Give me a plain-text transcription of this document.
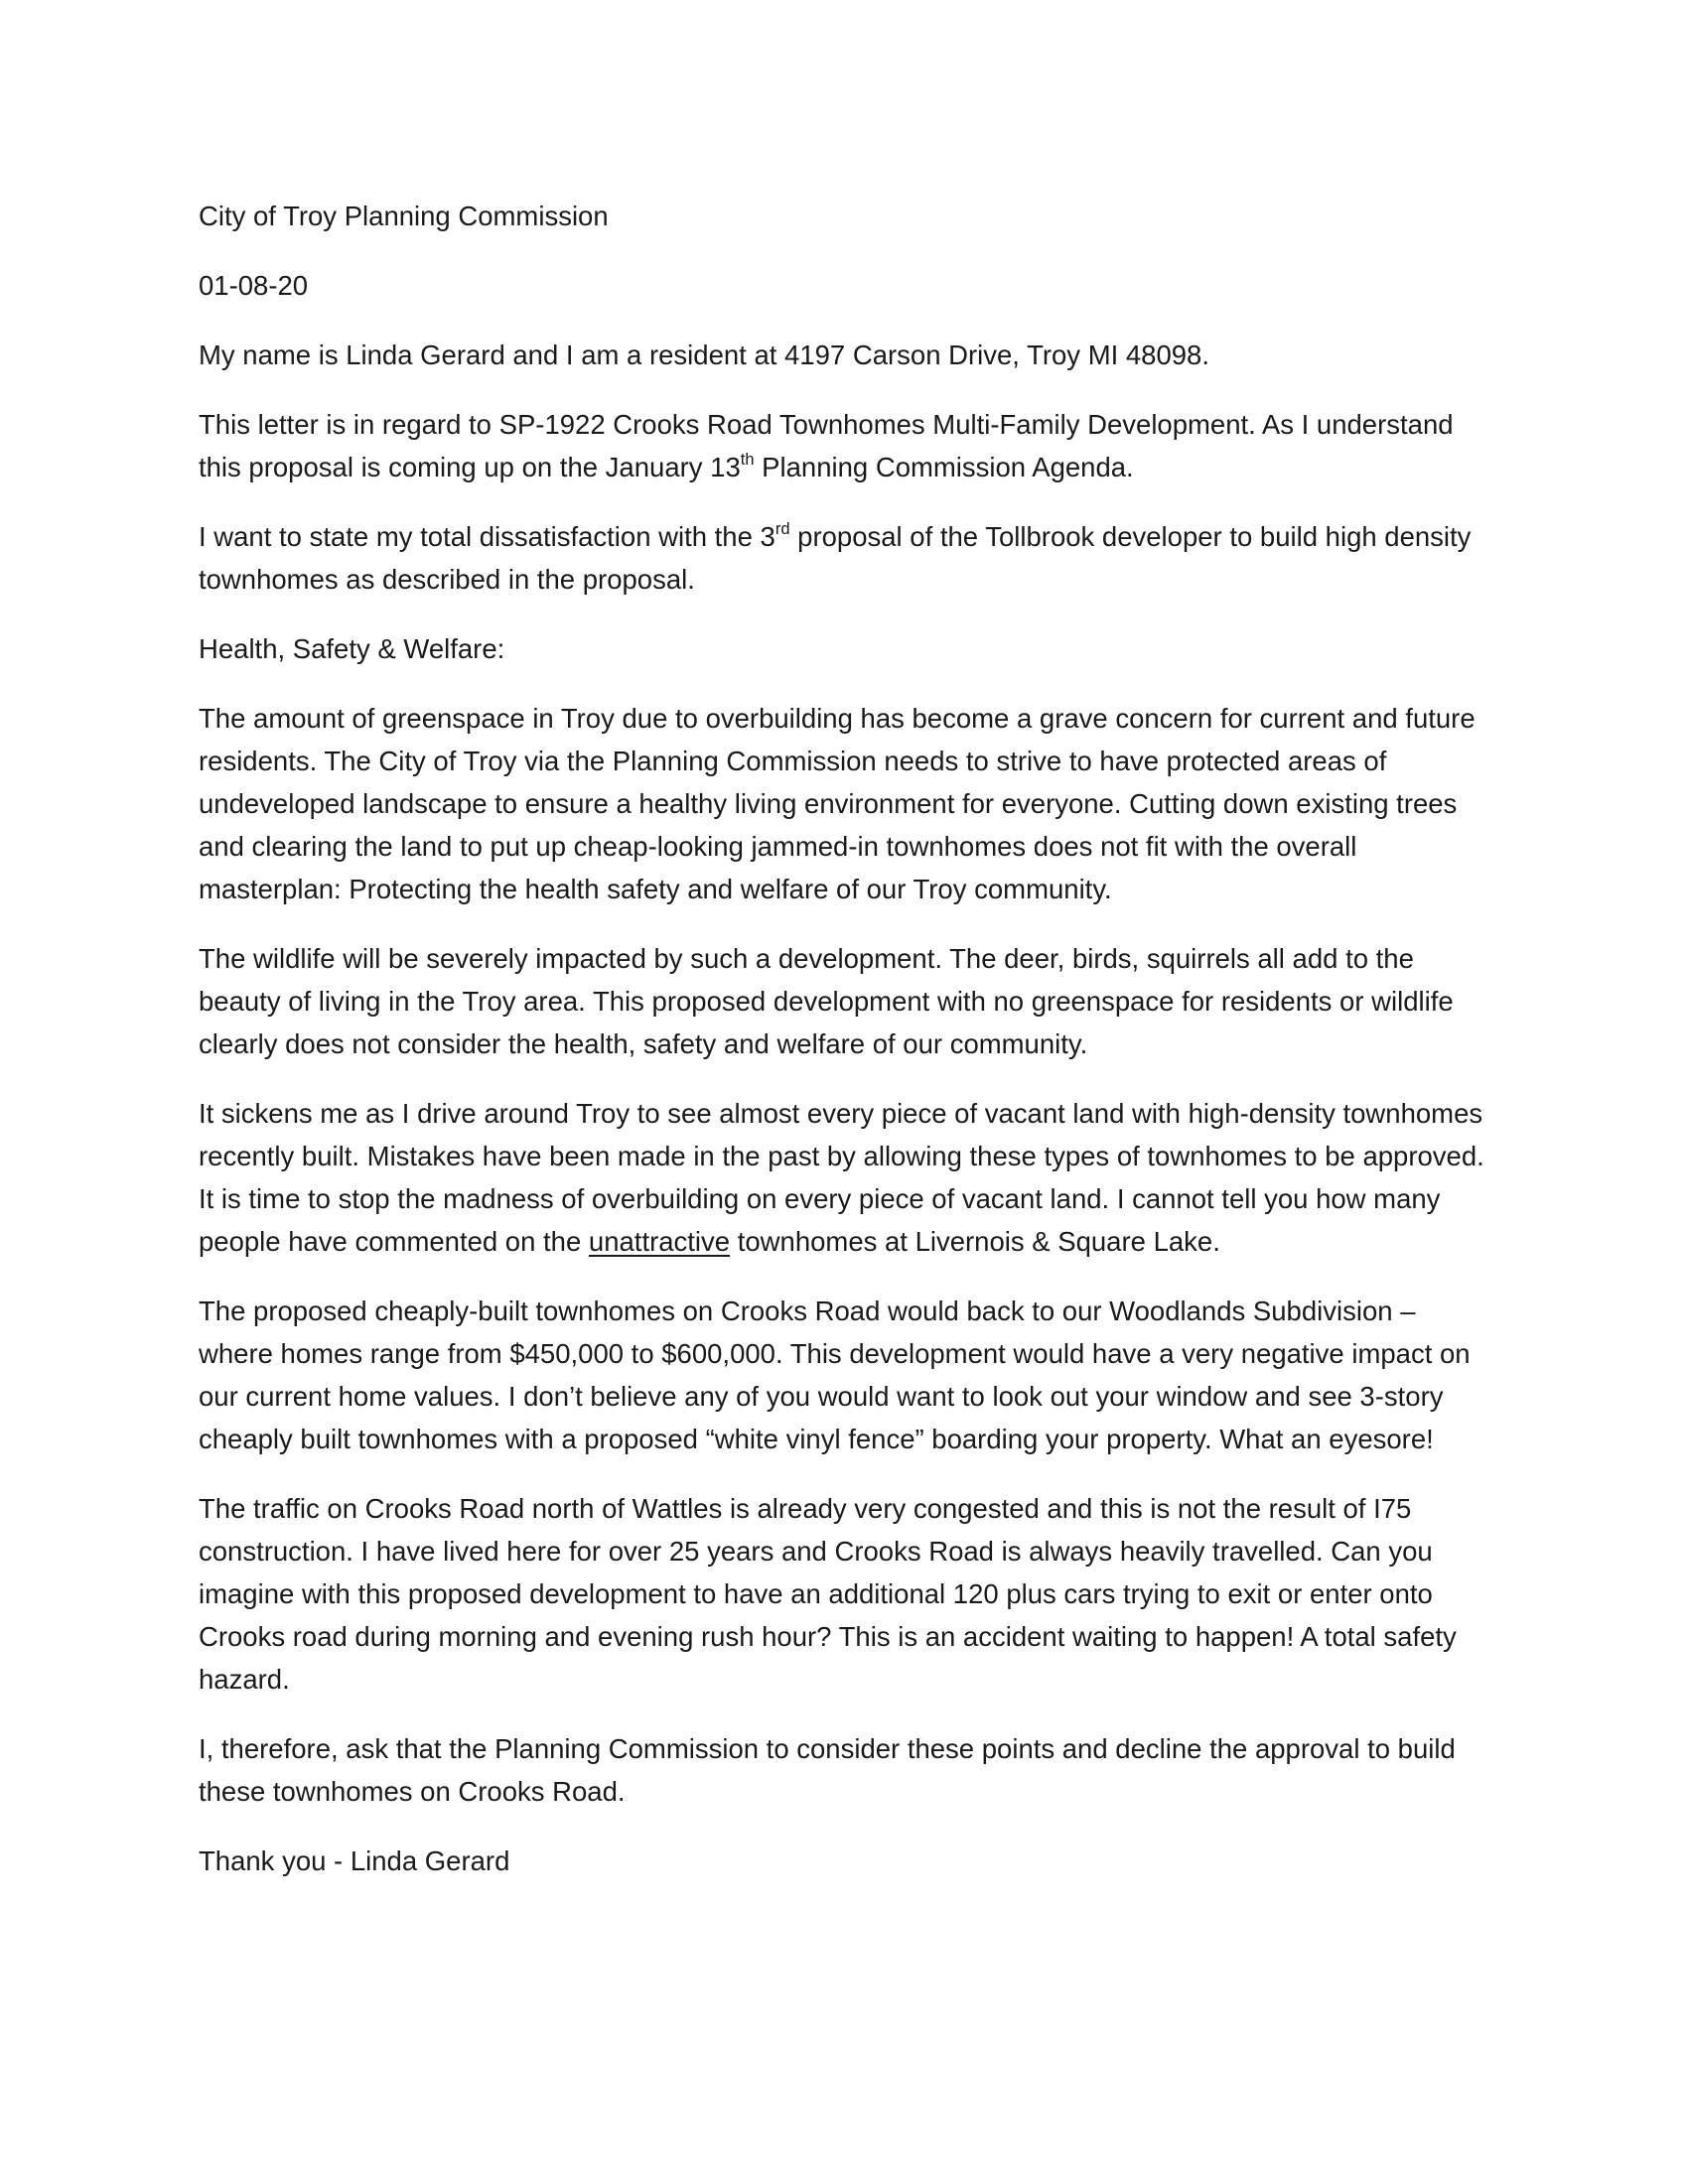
City of Troy Planning Commission

01-08-20

My name is Linda Gerard and I am a resident at 4197 Carson Drive, Troy MI 48098.

This letter is in regard to SP-1922 Crooks Road Townhomes Multi-Family Development. As I understand this proposal is coming up on the January 13th Planning Commission Agenda.

I want to state my total dissatisfaction with the 3rd proposal of the Tollbrook developer to build high density townhomes as described in the proposal.

Health, Safety & Welfare:

The amount of greenspace in Troy due to overbuilding has become a grave concern for current and future residents. The City of Troy via the Planning Commission needs to strive to have protected areas of undeveloped landscape to ensure a healthy living environment for everyone. Cutting down existing trees and clearing the land to put up cheap-looking jammed-in townhomes does not fit with the overall masterplan: Protecting the health safety and welfare of our Troy community.

The wildlife will be severely impacted by such a development. The deer, birds, squirrels all add to the beauty of living in the Troy area. This proposed development with no greenspace for residents or wildlife clearly does not consider the health, safety and welfare of our community.

It sickens me as I drive around Troy to see almost every piece of vacant land with high-density townhomes recently built. Mistakes have been made in the past by allowing these types of townhomes to be approved. It is time to stop the madness of overbuilding on every piece of vacant land. I cannot tell you how many people have commented on the unattractive townhomes at Livernois & Square Lake.

The proposed cheaply-built townhomes on Crooks Road would back to our Woodlands Subdivision – where homes range from $450,000 to $600,000. This development would have a very negative impact on our current home values. I don’t believe any of you would want to look out your window and see 3-story cheaply built townhomes with a proposed “white vinyl fence” boarding your property. What an eyesore!

The traffic on Crooks Road north of Wattles is already very congested and this is not the result of I75 construction. I have lived here for over 25 years and Crooks Road is always heavily travelled. Can you imagine with this proposed development to have an additional 120 plus cars trying to exit or enter onto Crooks road during morning and evening rush hour? This is an accident waiting to happen! A total safety hazard.

I, therefore, ask that the Planning Commission to consider these points and decline the approval to build these townhomes on Crooks Road.

Thank you - Linda Gerard
